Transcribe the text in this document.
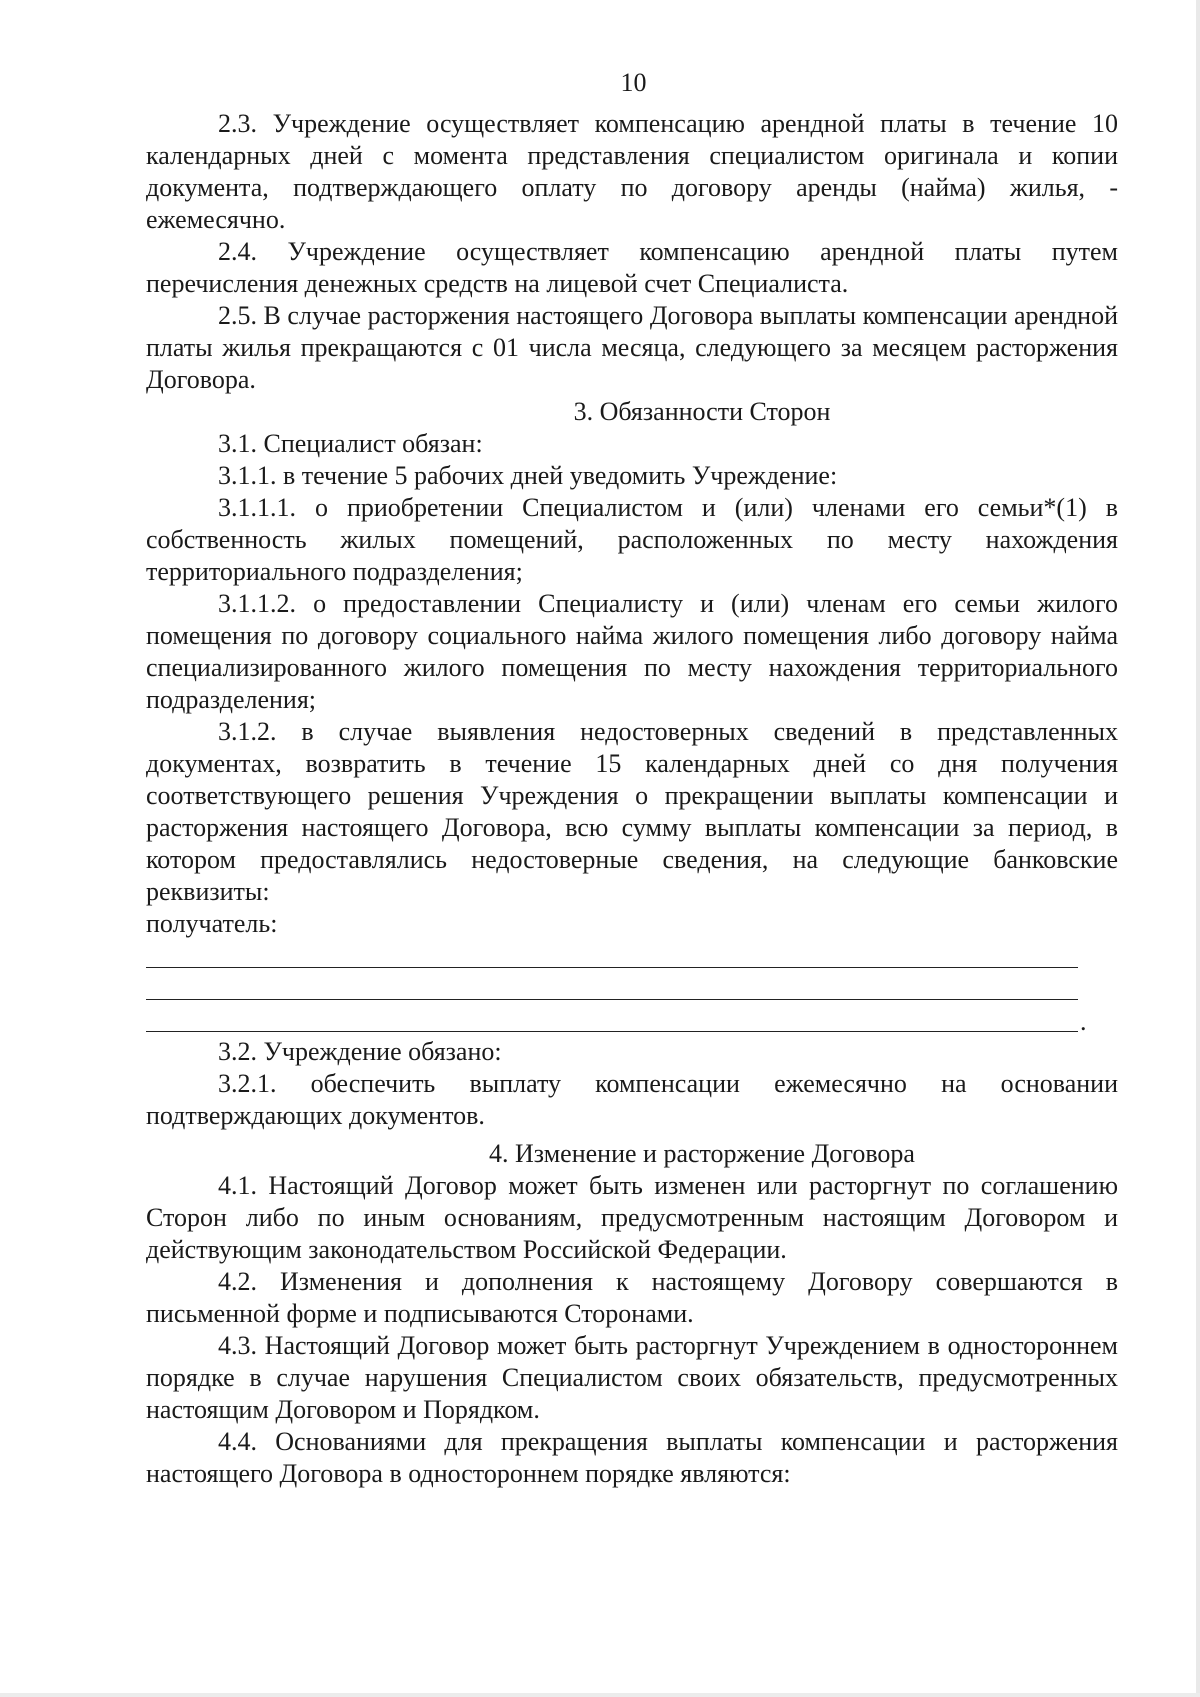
10

2.3. Учреждение осуществляет компенсацию арендной платы в течение 10 календарных дней с момента представления специалистом оригинала и копии документа, подтверждающего оплату по договору аренды (найма) жилья, - ежемесячно.

2.4. Учреждение осуществляет компенсацию арендной платы путем перечисления денежных средств на лицевой счет Специалиста.

2.5. В случае расторжения настоящего Договора выплаты компенсации арендной платы жилья прекращаются с 01 числа месяца, следующего за месяцем расторжения Договора.

3. Обязанности Сторон

3.1. Специалист обязан:

3.1.1. в течение 5 рабочих дней уведомить Учреждение:

3.1.1.1. о приобретении Специалистом и (или) членами его семьи*(1) в собственность жилых помещений, расположенных по месту нахождения территориального подразделения;

3.1.1.2. о предоставлении Специалисту и (или) членам его семьи жилого помещения по договору социального найма жилого помещения либо договору найма специализированного жилого помещения по месту нахождения территориального подразделения;

3.1.2. в случае выявления недостоверных сведений в представленных документах, возвратить в течение 15 календарных дней со дня получения соответствующего решения Учреждения о прекращении выплаты компенсации и расторжения настоящего Договора, всю сумму выплаты компенсации за период, в котором предоставлялись недостоверные сведения, на следующие банковские реквизиты:

получатель:

.

3.2. Учреждение обязано:

3.2.1. обеспечить выплату компенсации ежемесячно на основании подтверждающих документов.

4. Изменение и расторжение Договора

4.1. Настоящий Договор может быть изменен или расторгнут по соглашению Сторон либо по иным основаниям, предусмотренным настоящим Договором и действующим законодательством Российской Федерации.

4.2. Изменения и дополнения к настоящему Договору совершаются в письменной форме и подписываются Сторонами.

4.3. Настоящий Договор может быть расторгнут Учреждением в одностороннем порядке в случае нарушения Специалистом своих обязательств, предусмотренных настоящим Договором и Порядком.

4.4. Основаниями для прекращения выплаты компенсации и расторжения настоящего Договора в одностороннем порядке являются:
